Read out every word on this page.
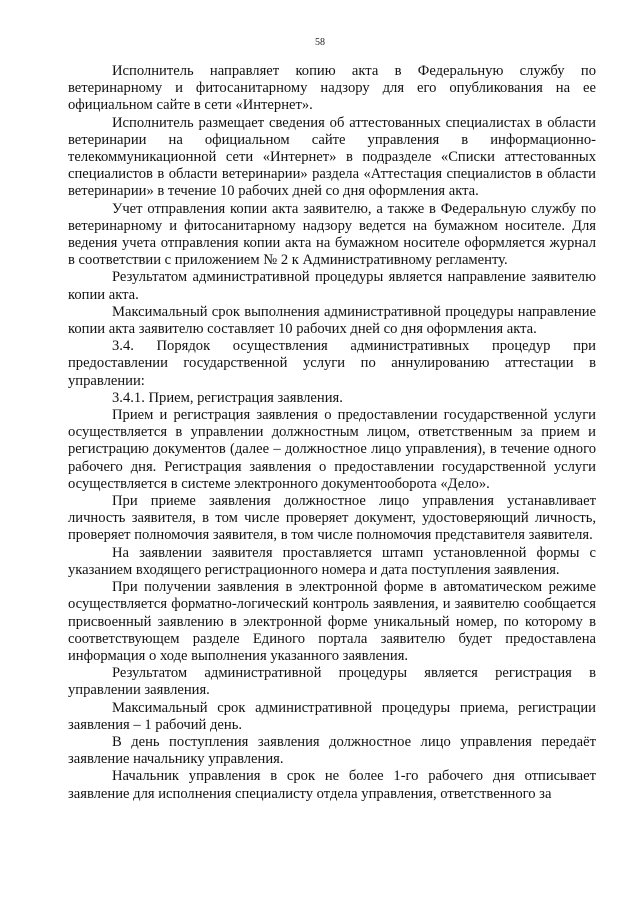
58

Исполнитель направляет копию акта в Федеральную службу по ветеринарному и фитосанитарному надзору для его опубликования на ее официальном сайте в сети «Интернет».

Исполнитель размещает сведения об аттестованных специалистах в области ветеринарии на официальном сайте управления в информационно-телекоммуникационной сети «Интернет» в подразделе «Списки аттестованных специалистов в области ветеринарии» раздела «Аттестация специалистов в области ветеринарии» в течение 10 рабочих дней со дня оформления акта.

Учет отправления копии акта заявителю, а также в Федеральную службу по ветеринарному и фитосанитарному надзору ведется на бумажном носителе. Для ведения учета отправления копии акта на бумажном носителе оформляется журнал в соответствии с приложением № 2 к Административному регламенту.

Результатом административной процедуры является направление заявителю копии акта.

Максимальный срок выполнения административной процедуры направление копии акта заявителю составляет 10 рабочих дней со дня оформления акта.

3.4. Порядок осуществления административных процедур при предоставлении государственной услуги по аннулированию аттестации в управлении:

3.4.1. Прием, регистрация заявления.

Прием и регистрация заявления о предоставлении государственной услуги осуществляется в управлении должностным лицом, ответственным за прием и регистрацию документов (далее – должностное лицо управления), в течение одного рабочего дня. Регистрация заявления о предоставлении государственной услуги осуществляется в системе электронного документооборота «Дело».

При приеме заявления должностное лицо управления устанавливает личность заявителя, в том числе проверяет документ, удостоверяющий личность, проверяет полномочия заявителя, в том числе полномочия представителя заявителя.

На заявлении заявителя проставляется штамп установленной формы с указанием входящего регистрационного номера и дата поступления заявления.

При получении заявления в электронной форме в автоматическом режиме осуществляется форматно-логический контроль заявления, и заявителю сообщается присвоенный заявлению в электронной форме уникальный номер, по которому в соответствующем разделе Единого портала заявителю будет предоставлена информация о ходе выполнения указанного заявления.

Результатом административной процедуры является регистрация в управлении заявления.

Максимальный срок административной процедуры приема, регистрации заявления – 1 рабочий день.

В день поступления заявления должностное лицо управления передаёт заявление начальнику управления.

Начальник управления в срок не более 1-го рабочего дня отписывает заявление для исполнения специалисту отдела управления, ответственного за
